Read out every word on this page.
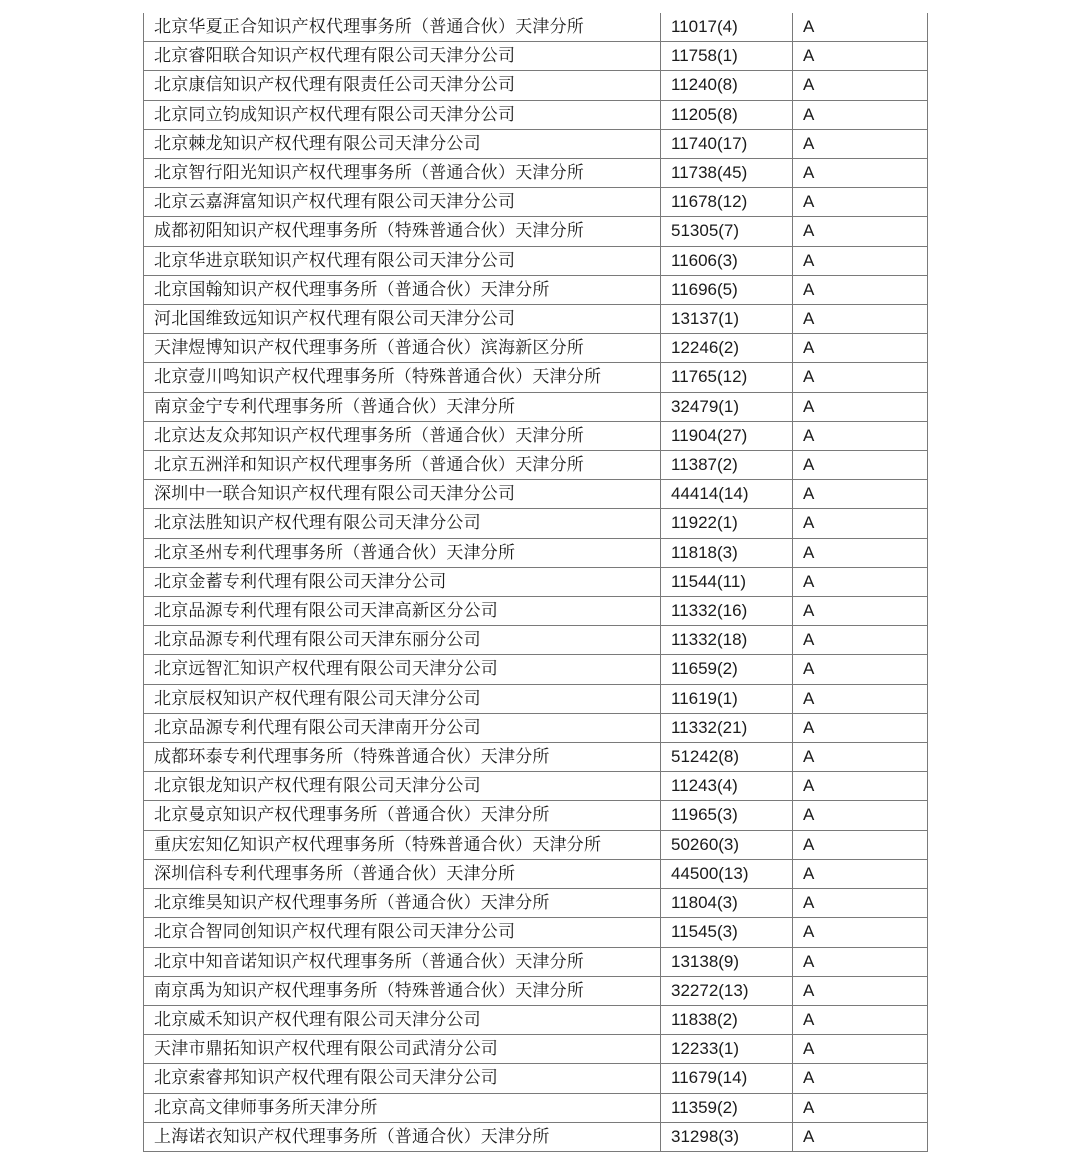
北京华夏正合知识产权代理事务所（普通合伙）天津分所	11017(4)	A
北京睿阳联合知识产权代理有限公司天津分公司	11758(1)	A
北京康信知识产权代理有限责任公司天津分公司	11240(8)	A
北京同立钧成知识产权代理有限公司天津分公司	11205(8)	A
北京棘龙知识产权代理有限公司天津分公司	11740(17)	A
北京智行阳光知识产权代理事务所（普通合伙）天津分所	11738(45)	A
北京云嘉湃富知识产权代理有限公司天津分公司	11678(12)	A
成都初阳知识产权代理事务所（特殊普通合伙）天津分所	51305(7)	A
北京华进京联知识产权代理有限公司天津分公司	11606(3)	A
北京国翰知识产权代理事务所（普通合伙）天津分所	11696(5)	A
河北国维致远知识产权代理有限公司天津分公司	13137(1)	A
天津煜博知识产权代理事务所（普通合伙）滨海新区分所	12246(2)	A
北京壹川鸣知识产权代理事务所（特殊普通合伙）天津分所	11765(12)	A
南京金宁专利代理事务所（普通合伙）天津分所	32479(1)	A
北京达友众邦知识产权代理事务所（普通合伙）天津分所	11904(27)	A
北京五洲洋和知识产权代理事务所（普通合伙）天津分所	11387(2)	A
深圳中一联合知识产权代理有限公司天津分公司	44414(14)	A
北京法胜知识产权代理有限公司天津分公司	11922(1)	A
北京圣州专利代理事务所（普通合伙）天津分所	11818(3)	A
北京金蓄专利代理有限公司天津分公司	11544(11)	A
北京品源专利代理有限公司天津高新区分公司	11332(16)	A
北京品源专利代理有限公司天津东丽分公司	11332(18)	A
北京远智汇知识产权代理有限公司天津分公司	11659(2)	A
北京辰权知识产权代理有限公司天津分公司	11619(1)	A
北京品源专利代理有限公司天津南开分公司	11332(21)	A
成都环泰专利代理事务所（特殊普通合伙）天津分所	51242(8)	A
北京银龙知识产权代理有限公司天津分公司	11243(4)	A
北京曼京知识产权代理事务所（普通合伙）天津分所	11965(3)	A
重庆宏知亿知识产权代理事务所（特殊普通合伙）天津分所	50260(3)	A
深圳信科专利代理事务所（普通合伙）天津分所	44500(13)	A
北京维昊知识产权代理事务所（普通合伙）天津分所	11804(3)	A
北京合智同创知识产权代理有限公司天津分公司	11545(3)	A
北京中知音诺知识产权代理事务所（普通合伙）天津分所	13138(9)	A
南京禹为知识产权代理事务所（特殊普通合伙）天津分所	32272(13)	A
北京威禾知识产权代理有限公司天津分公司	11838(2)	A
天津市鼎拓知识产权代理有限公司武清分公司	12233(1)	A
北京索睿邦知识产权代理有限公司天津分公司	11679(14)	A
北京高文律师事务所天津分所	11359(2)	A
上海诺衣知识产权代理事务所（普通合伙）天津分所	31298(3)	A
